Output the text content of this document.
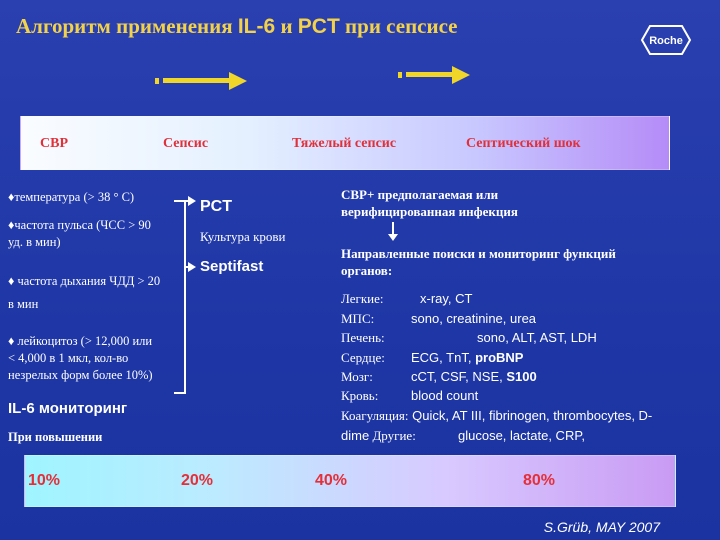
Алгоритм применения IL-6 и PCT при сепсисе
Roche
СВР	Сепсис	Тяжелый сепсис	Септический шок
♦температура (> 38 ° С)
♦частота пульса (ЧСС > 90
уд. в мин)
♦ частота дыхания ЧДД > 20
в мин
♦ лейкоцитоз (> 12,000 или
< 4,000 в 1 мкл, кол-во
незрелых форм более 10%)
PCT
Культура крови
Septifast
IL-6 мониторинг
При повышении
СВР+ предполагаемая или
верифицированная инфекция
Направленные поиски и мониторинг функций
органов:
Легкие:	x-ray, CT
МПС:	sono, creatinine, urea
Печень:	sono, ALT, AST, LDH
Сердце: ECG, TnT, proBNP
Мозг:	cCT, CSF, NSE, S100
Кровь:	blood count
Коагуляция: Quick, AT III, fibrinogen, thrombocytes, D-
dime Другие:	glucose, lactate, CRP,
10%	20%	40%	80%
S.Grüb, MAY 2007
